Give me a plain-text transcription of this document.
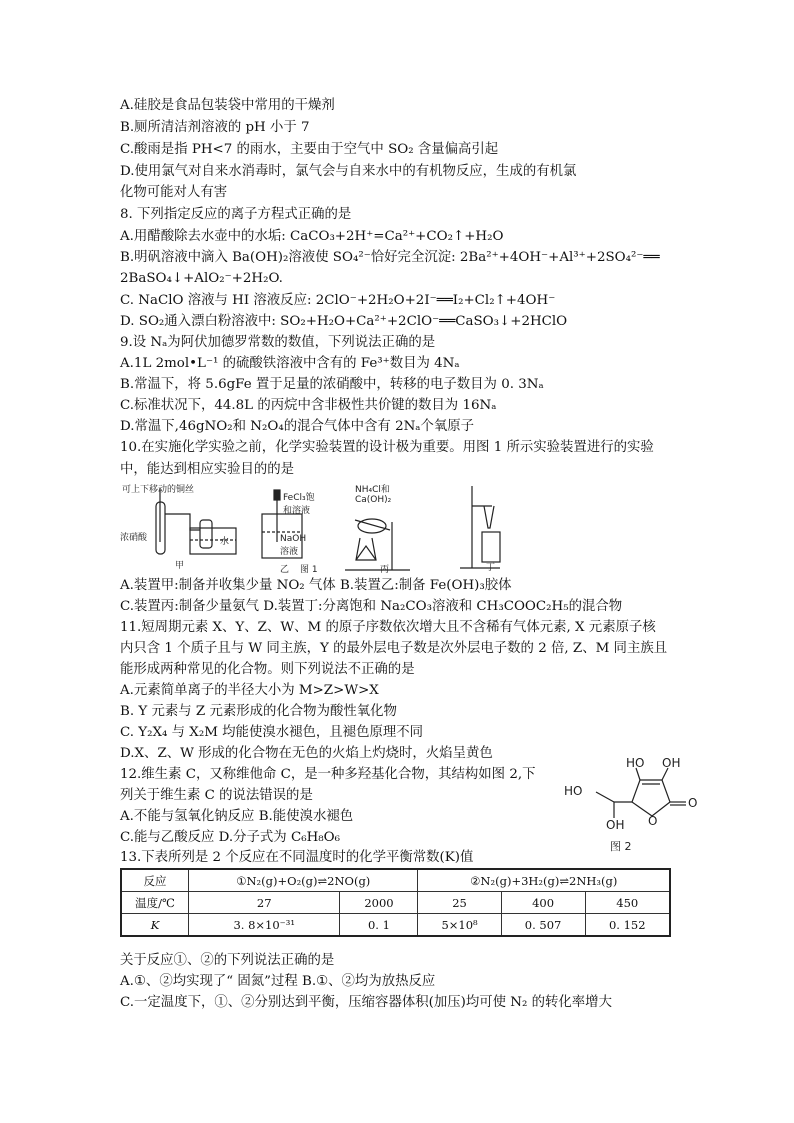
A.硅胶是食品包装袋中常用的干燥剂
B.厕所清洁剂溶液的 pH 小于 7
C.酸雨是指 PH<7 的雨水，主要由于空气中 SO₂ 含量偏高引起
D.使用氯气对自来水消毒时，氯气会与自来水中的有机物反应，生成的有机氯
化物可能对人有害
8. 下列指定反应的离子方程式正确的是
A.用醋酸除去水壶中的水垢: CaCO₃+2H⁺=Ca²⁺+CO₂↑+H₂O
B.明矾溶液中滴入 Ba(OH)₂溶液使 SO₄²⁻恰好完全沉淀: 2Ba²⁺+4OH⁻+Al³⁺+2SO₄²⁻══
2BaSO₄↓+AlO₂⁻+2H₂O.
C. NaClO 溶液与 HI 溶液反应: 2ClO⁻+2H₂O+2I⁻══I₂+Cl₂↑+4OH⁻
D. SO₂通入漂白粉溶液中: SO₂+H₂O+Ca²⁺+2ClO⁻══CaSO₃↓+2HClO
9.设 Nₐ为阿伏加德罗常数的数值，下列说法正确的是
A.1L 2mol•L⁻¹ 的硫酸铁溶液中含有的 Fe³⁺数目为 4Nₐ
B.常温下，将 5.6gFe 置于足量的浓硝酸中，转移的电子数目为 0. 3Nₐ
C.标准状况下，44.8L 的丙烷中含非极性共价键的数目为 16Nₐ
D.常温下,46gNO₂和 N₂O₄的混合气体中含有 2Nₐ个氧原子
10.在实施化学实验之前，化学实验装置的设计极为重要。用图 1 所示实验装置进行的实验
中，能达到相应实验目的的是
可上下移动的铜丝
浓硝酸	水
甲
FeCl₃饱和溶液
NaOH溶液
乙 图 1
NH₄Cl和Ca(OH)₂
丙	丁
A.装置甲:制备并收集少量 NO₂ 气体 B.装置乙:制备 Fe(OH)₃胶体
C.装置丙:制备少量氨气 D.装置丁:分离饱和 Na₂CO₃溶液和 CH₃COOC₂H₅的混合物
11.短周期元素 X、Y、Z、W、M 的原子序数依次增大且不含稀有气体元素, X 元素原子核
内只含 1 个质子且与 W 同主族，Y 的最外层电子数是次外层电子数的 2 倍, Z、M 同主族且
能形成两种常见的化合物。则下列说法不正确的是
A.元素简单离子的半径大小为 M>Z>W>X
B. Y 元素与 Z 元素形成的化合物为酸性氧化物
C. Y₂X₄ 与 X₂M 均能使溴水褪色，且褪色原理不同
D.X、Z、W 形成的化合物在无色的火焰上灼烧时，火焰呈黄色
12.维生素 C，又称维他命 C，是一种多羟基化合物，其结构如图 2,下
列关于维生素 C 的说法错误的是
A.不能与氢氧化钠反应 B.能使溴水褪色
C.能与乙酸反应 D.分子式为 C₆H₈O₆
13.下表所列是 2 个反应在不同温度时的化学平衡常数(K)值
HO OH
HO
OH O
O
图 2
反应	①N₂(g)+O₂(g)⇌2NO(g)		②N₂(g)+3H₂(g)⇌2NH₃(g)		
温度/℃	27	2000	25	400	450
K	3. 8×10⁻³¹	0. 1	5×10⁸	0. 507	0. 152
关于反应①、②的下列说法正确的是
A.①、②均实现了“ 固氮”过程 B.①、②均为放热反应
C.一定温度下，①、②分别达到平衡，压缩容器体积(加压)均可使 N₂ 的转化率增大
